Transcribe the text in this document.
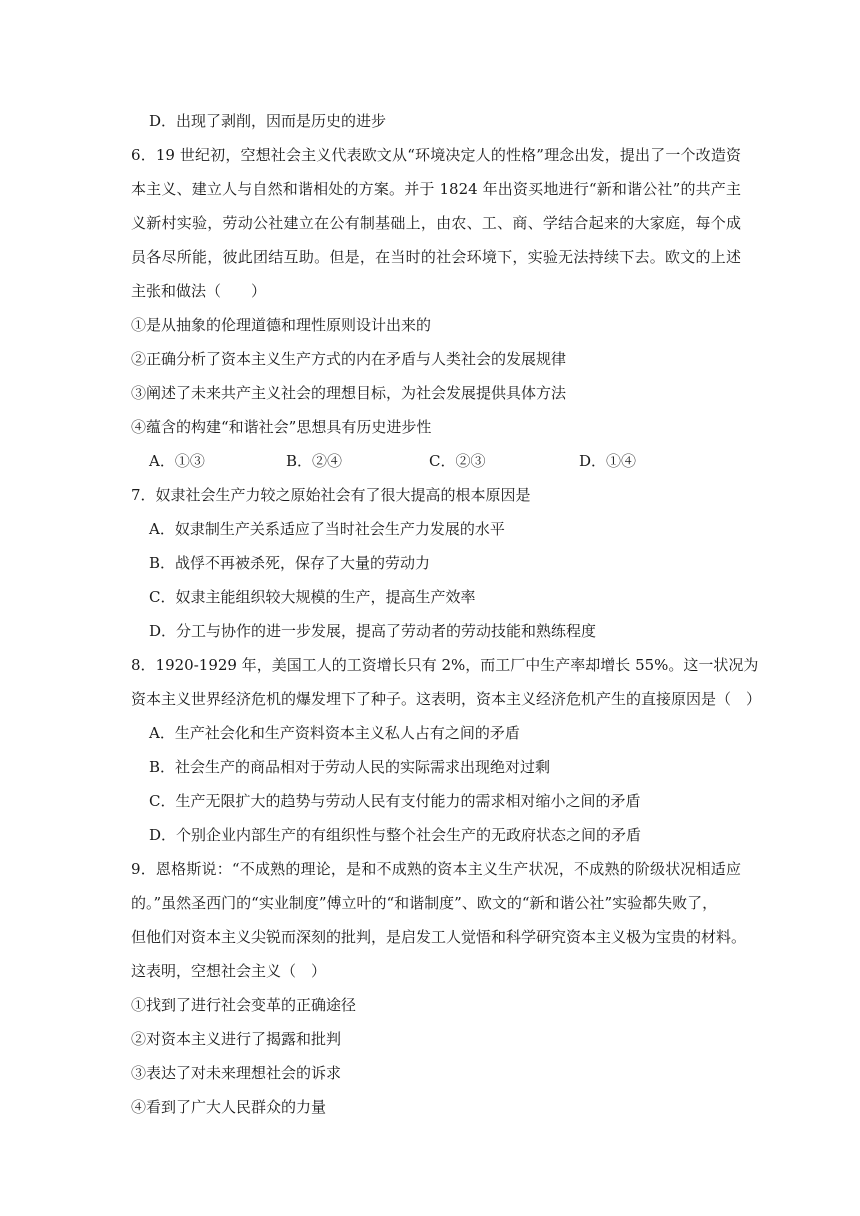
D．出现了剥削，因而是历史的进步
6．19 世纪初，空想社会主义代表欧文从“环境决定人的性格”理念出发，提出了一个改造资
本主义、建立人与自然和谐相处的方案。并于 1824 年出资买地进行“新和谐公社”的共产主
义新村实验，劳动公社建立在公有制基础上，由农、工、商、学结合起来的大家庭，每个成
员各尽所能，彼此团结互助。但是，在当时的社会环境下，实验无法持续下去。欧文的上述
主张和做法（　　）
①是从抽象的伦理道德和理性原则设计出来的
②正确分析了资本主义生产方式的内在矛盾与人类社会的发展规律
③阐述了未来共产主义社会的理想目标，为社会发展提供具体方法
④蕴含的构建“和谐社会”思想具有历史进步性
A．①③	B．②④	C．②③	D．①④
7．奴隶社会生产力较之原始社会有了很大提高的根本原因是
A．奴隶制生产关系适应了当时社会生产力发展的水平
B．战俘不再被杀死，保存了大量的劳动力
C．奴隶主能组织较大规模的生产，提高生产效率
D．分工与协作的进一步发展，提高了劳动者的劳动技能和熟练程度
8．1920-1929 年，美国工人的工资增长只有 2%，而工厂中生产率却增长 55%。这一状况为
资本主义世界经济危机的爆发埋下了种子。这表明，资本主义经济危机产生的直接原因是（　）
A．生产社会化和生产资料资本主义私人占有之间的矛盾
B．社会生产的商品相对于劳动人民的实际需求出现绝对过剩
C．生产无限扩大的趋势与劳动人民有支付能力的需求相对缩小之间的矛盾
D．个别企业内部生产的有组织性与整个社会生产的无政府状态之间的矛盾
9．恩格斯说：“不成熟的理论，是和不成熟的资本主义生产状况，不成熟的阶级状况相适应
的。”虽然圣西门的“实业制度”傅立叶的“和谐制度”、欧文的“新和谐公社”实验都失败了，
但他们对资本主义尖锐而深刻的批判，是启发工人觉悟和科学研究资本主义极为宝贵的材料。
这表明，空想社会主义（　）
①找到了进行社会变革的正确途径
②对资本主义进行了揭露和批判
③表达了对未来理想社会的诉求
④看到了广大人民群众的力量
